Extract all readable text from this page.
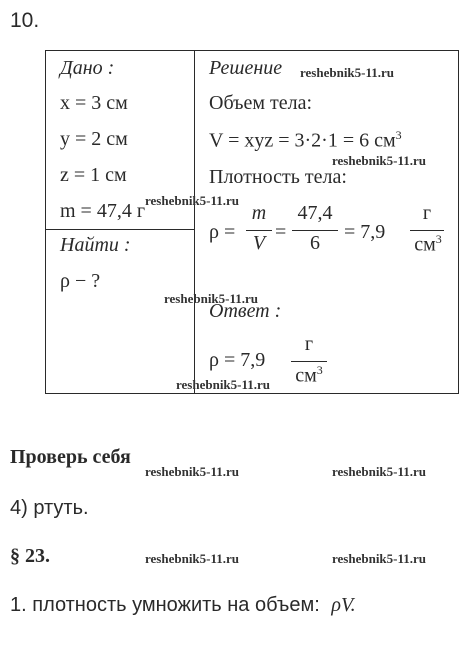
10.
Дано :
x = 3 см
y = 2 см
z = 1 см
m = 47,4 г
Найти :
ρ − ?
Решение
Объем тела:
V = xyz = 3·2·1 = 6 $см^3$
Плотность тела:
ρ =
m
V =
47,4
6	= 7,9
г
$см^3$
Ответ :
ρ = 7,9
г
$см^3$
reshebnik5-11.ru
reshebnik5-11.ru
reshebnik5-11.ru
reshebnik5-11.ru
reshebnik5-11.ru
reshebnik5-11.ru	reshebnik5-11.ru
reshebnik5-11.ru	reshebnik5-11.ru
Проверь себя
4) ртуть.
§ 23.
1. плотность умножить на объем: ρV.
